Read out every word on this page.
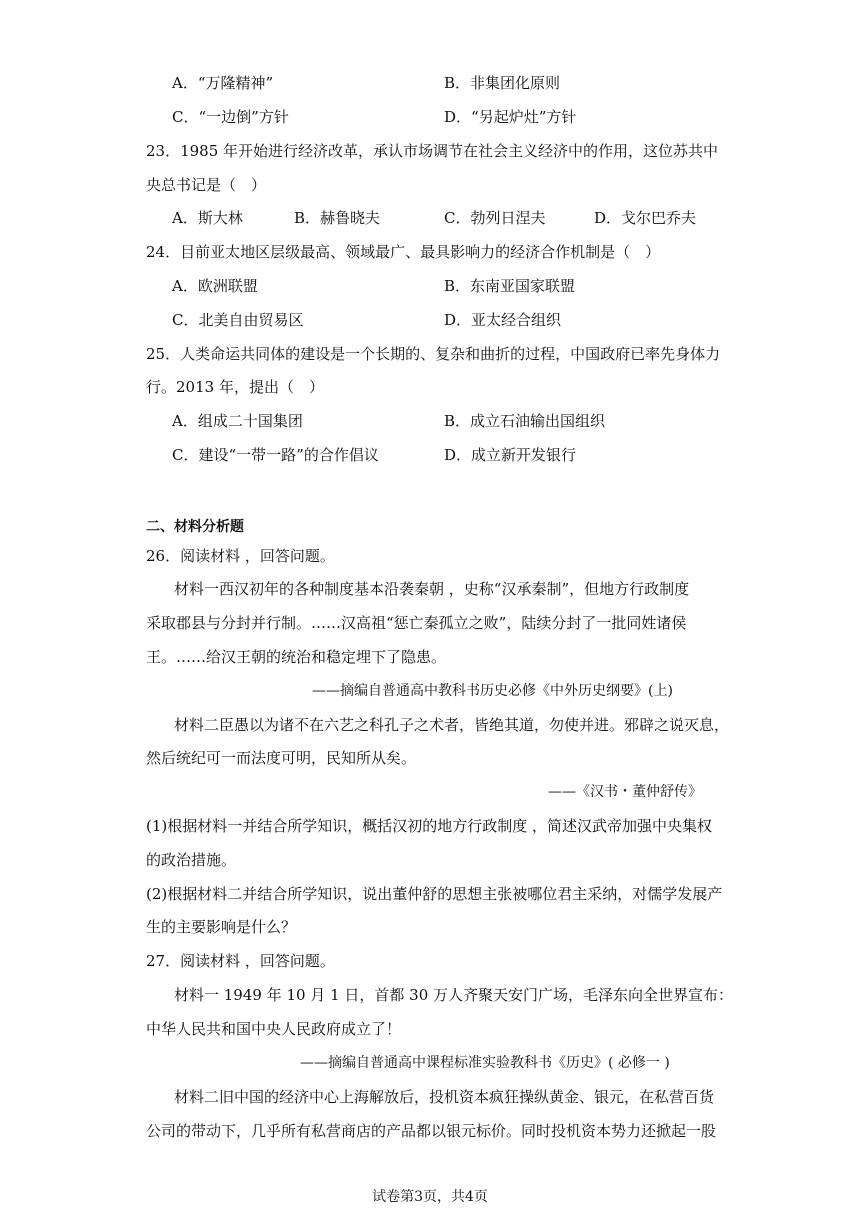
A．“万隆精神”	B．非集团化原则
C．“一边倒”方针	D．“另起炉灶”方针
23．1985 年开始进行经济改革，承认市场调节在社会主义经济中的作用，这位苏共中
央总书记是（　）
A．斯大林	B．赫鲁晓夫	C．勃列日涅夫	D．戈尔巴乔夫
24．目前亚太地区层级最高、领域最广、最具影响力的经济合作机制是（　）
A．欧洲联盟	B．东南亚国家联盟
C．北美自由贸易区	D．亚太经合组织
25．人类命运共同体的建设是一个长期的、复杂和曲折的过程，中国政府已率先身体力
行。2013 年，提出（　）
A．组成二十国集团	B．成立石油输出国组织
C．建设“一带一路”的合作倡议	D．成立新开发银行
二、材料分析题
26．阅读材料 ，回答问题。
材料一西汉初年的各种制度基本沿袭秦朝 ，史称“汉承秦制”，但地方行政制度
采取郡县与分封并行制。……汉高祖“惩亡秦孤立之败”，陆续分封了一批同姓诸侯
王。……给汉王朝的统治和稳定埋下了隐患。
——摘编自普通高中教科书历史必修《中外历史纲要》(上)
材料二臣愚以为诸不在六艺之科孔子之术者，皆绝其道，勿使并进。邪辟之说灭息，
然后统纪可一而法度可明，民知所从矣。
——《汉书・董仲舒传》
(1)根据材料一并结合所学知识，概括汉初的地方行政制度 ，简述汉武帝加强中央集权
的政治措施。
(2)根据材料二并结合所学知识，说出董仲舒的思想主张被哪位君主采纳，对儒学发展产
生的主要影响是什么？
27．阅读材料 ，回答问题。
材料一 1949 年 10 月 1 日，首都 30 万人齐聚天安门广场，毛泽东向全世界宣布：
中华人民共和国中央人民政府成立了！
——摘编自普通高中课程标准实验教科书《历史》( 必修一 )
材料二旧中国的经济中心上海解放后，投机资本疯狂操纵黄金、银元，在私营百货
公司的带动下，几乎所有私营商店的产品都以银元标价。同时投机资本势力还掀起一股
试卷第3页，共4页
